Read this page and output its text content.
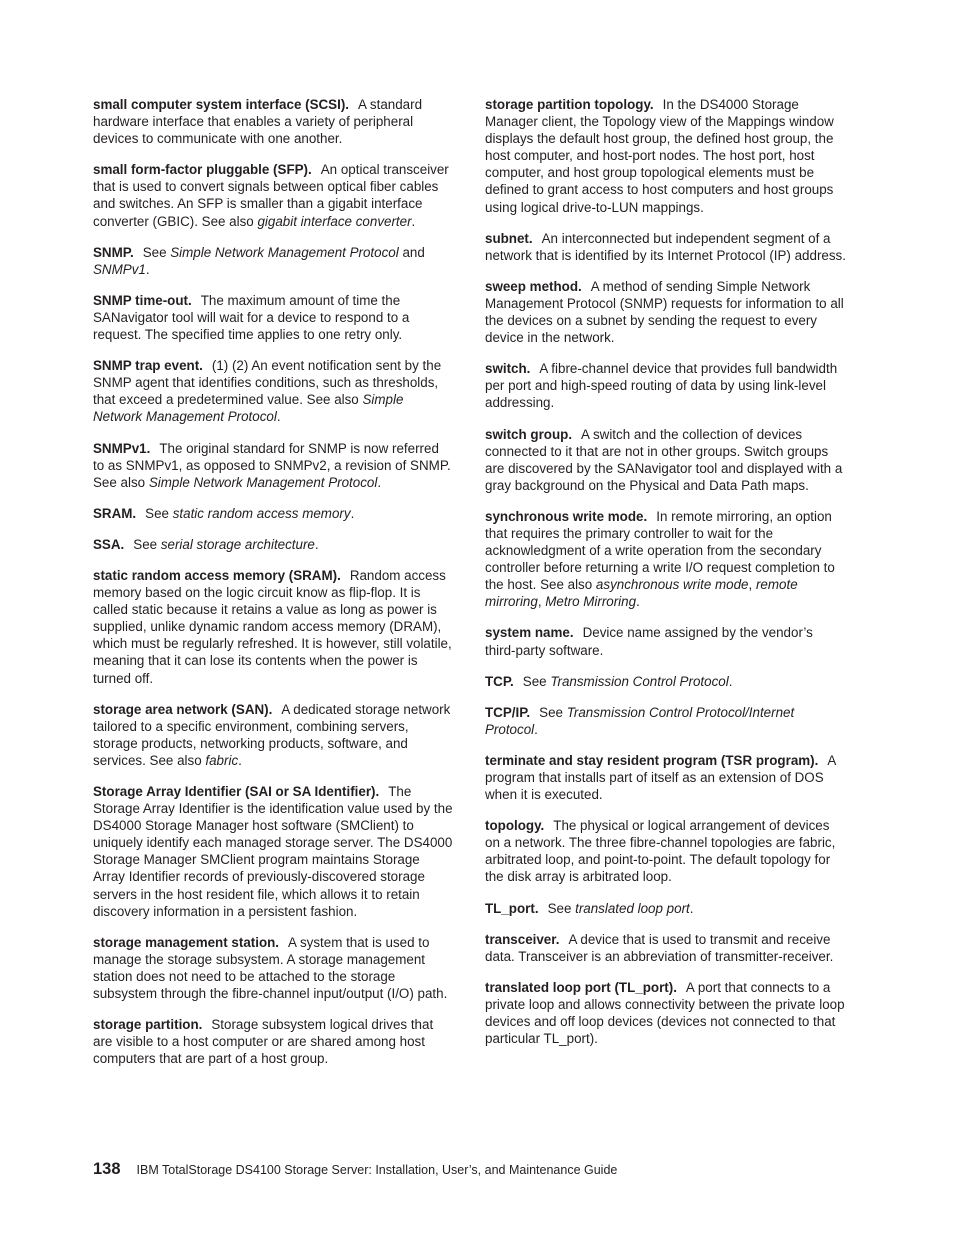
small computer system interface (SCSI). A standard hardware interface that enables a variety of peripheral devices to communicate with one another.

small form-factor pluggable (SFP). An optical transceiver that is used to convert signals between optical fiber cables and switches. An SFP is smaller than a gigabit interface converter (GBIC). See also gigabit interface converter.

SNMP. See Simple Network Management Protocol and SNMPv1.

SNMP time-out. The maximum amount of time the SANavigator tool will wait for a device to respond to a request. The specified time applies to one retry only.

SNMP trap event. (1) (2) An event notification sent by the SNMP agent that identifies conditions, such as thresholds, that exceed a predetermined value. See also Simple Network Management Protocol.

SNMPv1. The original standard for SNMP is now referred to as SNMPv1, as opposed to SNMPv2, a revision of SNMP. See also Simple Network Management Protocol.

SRAM. See static random access memory.

SSA. See serial storage architecture.

static random access memory (SRAM). Random access memory based on the logic circuit know as flip-flop. It is called static because it retains a value as long as power is supplied, unlike dynamic random access memory (DRAM), which must be regularly refreshed. It is however, still volatile, meaning that it can lose its contents when the power is turned off.

storage area network (SAN). A dedicated storage network tailored to a specific environment, combining servers, storage products, networking products, software, and services. See also fabric.

Storage Array Identifier (SAI or SA Identifier). The Storage Array Identifier is the identification value used by the DS4000 Storage Manager host software (SMClient) to uniquely identify each managed storage server. The DS4000 Storage Manager SMClient program maintains Storage Array Identifier records of previously-discovered storage servers in the host resident file, which allows it to retain discovery information in a persistent fashion.

storage management station. A system that is used to manage the storage subsystem. A storage management station does not need to be attached to the storage subsystem through the fibre-channel input/output (I/O) path.

storage partition. Storage subsystem logical drives that are visible to a host computer or are shared among host computers that are part of a host group.

storage partition topology. In the DS4000 Storage Manager client, the Topology view of the Mappings window displays the default host group, the defined host group, the host computer, and host-port nodes. The host port, host computer, and host group topological elements must be defined to grant access to host computers and host groups using logical drive-to-LUN mappings.

subnet. An interconnected but independent segment of a network that is identified by its Internet Protocol (IP) address.

sweep method. A method of sending Simple Network Management Protocol (SNMP) requests for information to all the devices on a subnet by sending the request to every device in the network.

switch. A fibre-channel device that provides full bandwidth per port and high-speed routing of data by using link-level addressing.

switch group. A switch and the collection of devices connected to it that are not in other groups. Switch groups are discovered by the SANavigator tool and displayed with a gray background on the Physical and Data Path maps.

synchronous write mode. In remote mirroring, an option that requires the primary controller to wait for the acknowledgment of a write operation from the secondary controller before returning a write I/O request completion to the host. See also asynchronous write mode, remote mirroring, Metro Mirroring.

system name. Device name assigned by the vendor’s third-party software.

TCP. See Transmission Control Protocol.

TCP/IP. See Transmission Control Protocol/Internet Protocol.

terminate and stay resident program (TSR program). A program that installs part of itself as an extension of DOS when it is executed.

topology. The physical or logical arrangement of devices on a network. The three fibre-channel topologies are fabric, arbitrated loop, and point-to-point. The default topology for the disk array is arbitrated loop.

TL_port. See translated loop port.

transceiver. A device that is used to transmit and receive data. Transceiver is an abbreviation of transmitter-receiver.

translated loop port (TL_port). A port that connects to a private loop and allows connectivity between the private loop devices and off loop devices (devices not connected to that particular TL_port).

138 IBM TotalStorage DS4100 Storage Server: Installation, User’s, and Maintenance Guide
